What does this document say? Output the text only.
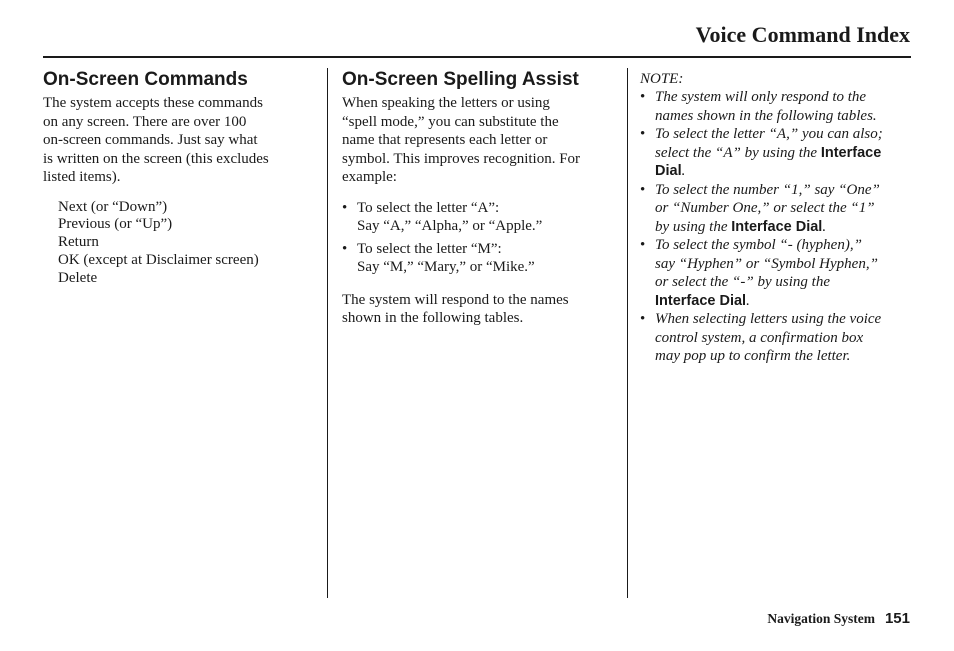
Voice Command Index
On-Screen Commands
The system accepts these commands
on any screen. There are over 100
on-screen commands. Just say what
is written on the screen (this excludes
listed items).
Next (or “Down”)
Previous (or “Up”)
Return
OK (except at Disclaimer screen)
Delete
On-Screen Spelling Assist
When speaking the letters or using
“spell mode,” you can substitute the
name that represents each letter or
symbol. This improves recognition. For
example:
• To select the letter “A”:
Say “A,” “Alpha,” or “Apple.”
• To select the letter “M”:
Say “M,” “Mary,” or “Mike.”
The system will respond to the names
shown in the following tables.
NOTE:
• The system will only respond to the
names shown in the following tables.
• To select the letter “A,” you can also;
select the “A” by using the Interface
Dial.
• To select the number “1,” say “One”
or “Number One,” or select the “1”
by using the Interface Dial.
• To select the symbol “- (hyphen),”
say “Hyphen” or “Symbol Hyphen,”
or select the “-” by using the
Interface Dial.
• When selecting letters using the voice
control system, a confirmation box
may pop up to confirm the letter.
Navigation System 151
